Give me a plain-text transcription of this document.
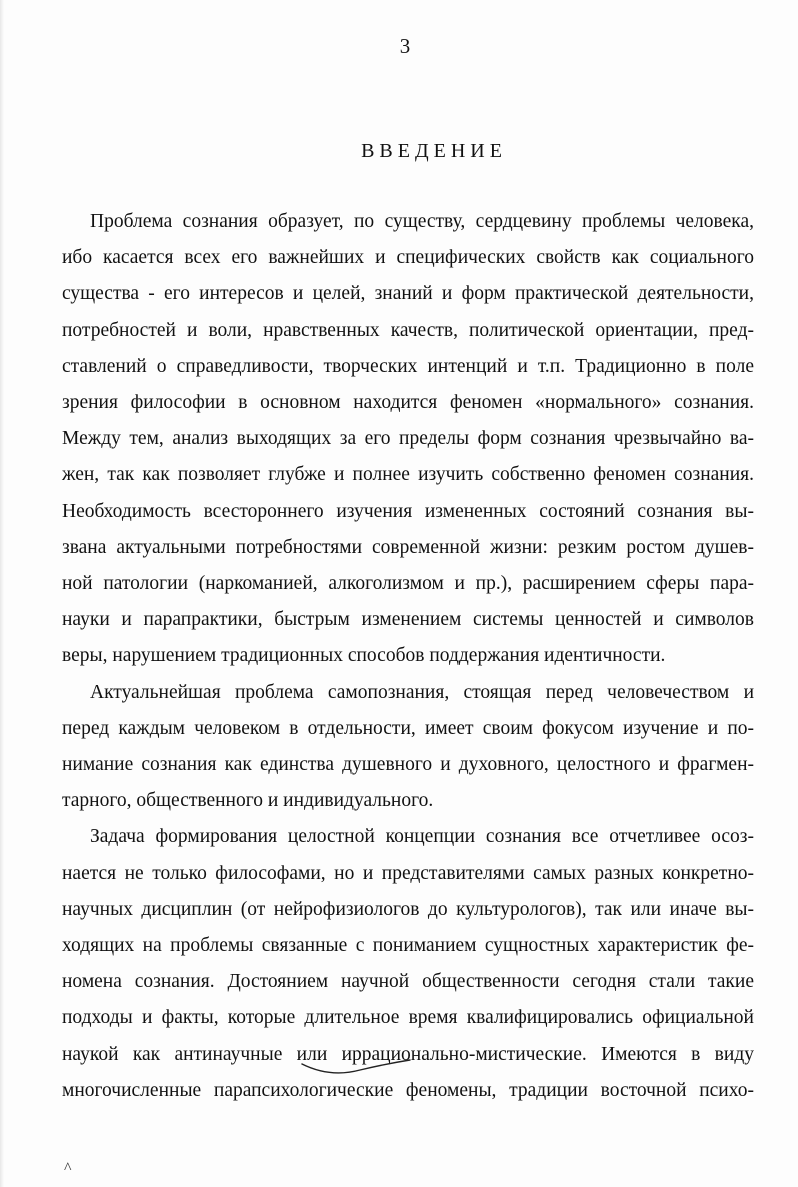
3
ВВЕДЕНИЕ

Проблема сознания образует, по существу, сердцевину проблемы человека,
ибо касается всех его важнейших и специфических свойств как социального
существа - его интересов и целей, знаний и форм практической деятельности,
потребностей и воли, нравственных качеств, политической ориентации, пред-
ставлений о справедливости, творческих интенций и т.п. Традиционно в поле
зрения философии в основном находится феномен «нормального» сознания.
Между тем, анализ выходящих за его пределы форм сознания чрезвычайно ва-
жен, так как позволяет глубже и полнее изучить собственно феномен сознания.
Необходимость всестороннего изучения измененных состояний сознания вы-
звана актуальными потребностями современной жизни: резким ростом душев-
ной патологии (наркоманией, алкоголизмом и пр.), расширением сферы пара-
науки и парапрактики, быстрым изменением системы ценностей и символов
веры, нарушением традиционных способов поддержания идентичности.

Актуальнейшая проблема самопознания, стоящая перед человечеством и
перед каждым человеком в отдельности, имеет своим фокусом изучение и по-
нимание сознания как единства душевного и духовного, целостного и фрагмен-
тарного, общественного и индивидуального.

Задача формирования целостной концепции сознания все отчетливее осоз-
нается не только философами, но и представителями самых разных конкретно-
научных дисциплин (от нейрофизиологов до культурологов), так или иначе вы-
ходящих на проблемы связанные с пониманием сущностных характеристик фе-
номена сознания. Достоянием научной общественности сегодня стали такие
подходы и факты, которые длительное время квалифицировались официальной
наукой как антинаучные или иррационально-мистические. Имеются в виду
многочисленные парапсихологические феномены, традиции восточной психо-

^
